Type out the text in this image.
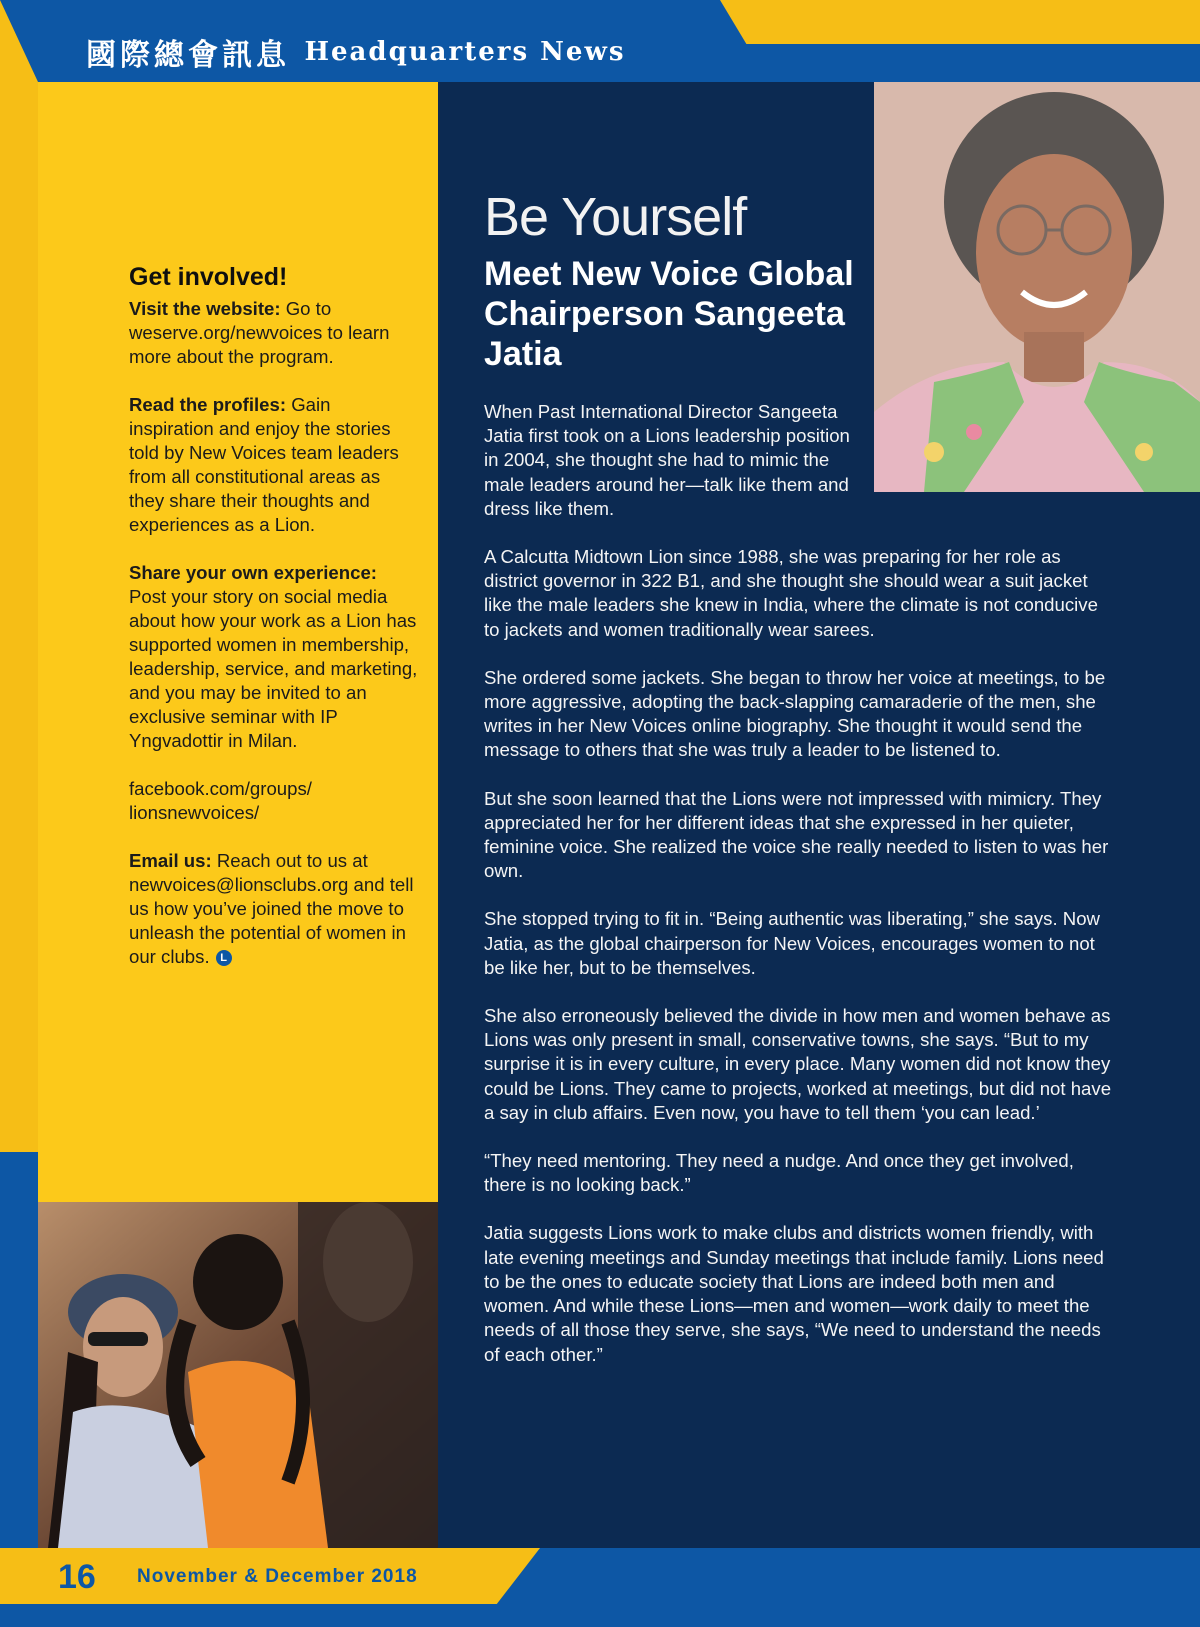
國際總會訊息 Headquarters News
Get involved!

Visit the website: Go to weserve.org/newvoices to learn more about the program.

Read the profiles: Gain inspiration and enjoy the stories told by New Voices team leaders from all constitutional areas as they share their thoughts and experiences as a Lion.

Share your own experience: Post your story on social media about how your work as a Lion has supported women in membership, leadership, service, and marketing, and you may be invited to an exclusive seminar with IP Yngvadottir in Milan.

facebook.com/groups/ lionsnewvoices/

Email us: Reach out to us at newvoices@lionsclubs.org and tell us how you’ve joined the move to unleash the potential of women in our clubs. L

Be Yourself
Meet New Voice Global Chairperson Sangeeta Jatia

When Past International Director Sangeeta Jatia first took on a Lions leadership position in 2004, she thought she had to mimic the male leaders around her—talk like them and dress like them.

A Calcutta Midtown Lion since 1988, she was preparing for her role as district governor in 322 B1, and she thought she should wear a suit jacket like the male leaders she knew in India, where the climate is not conducive to jackets and women traditionally wear sarees.

She ordered some jackets. She began to throw her voice at meetings, to be more aggressive, adopting the back-slapping camaraderie of the men, she writes in her New Voices online biography. She thought it would send the message to others that she was truly a leader to be listened to.

But she soon learned that the Lions were not impressed with mimicry. They appreciated her for her different ideas that she expressed in her quieter, feminine voice. She realized the voice she really needed to listen to was her own.

She stopped trying to fit in. “Being authentic was liberating,” she says. Now Jatia, as the global chairperson for New Voices, encourages women to not be like her, but to be themselves.

She also erroneously believed the divide in how men and women behave as Lions was only present in small, conservative towns, she says. “But to my surprise it is in every culture, in every place. Many women did not know they could be Lions. They came to projects, worked at meetings, but did not have a say in club affairs. Even now, you have to tell them ‘you can lead.’

“They need mentoring. They need a nudge. And once they get involved, there is no looking back.”

Jatia suggests Lions work to make clubs and districts women friendly, with late evening meetings and Sunday meetings that include family. Lions need to be the ones to educate society that Lions are indeed both men and women. And while these Lions—men and women—work daily to meet the needs of all those they serve, she says, “We need to understand the needs of each other.”

16 November & December 2018
